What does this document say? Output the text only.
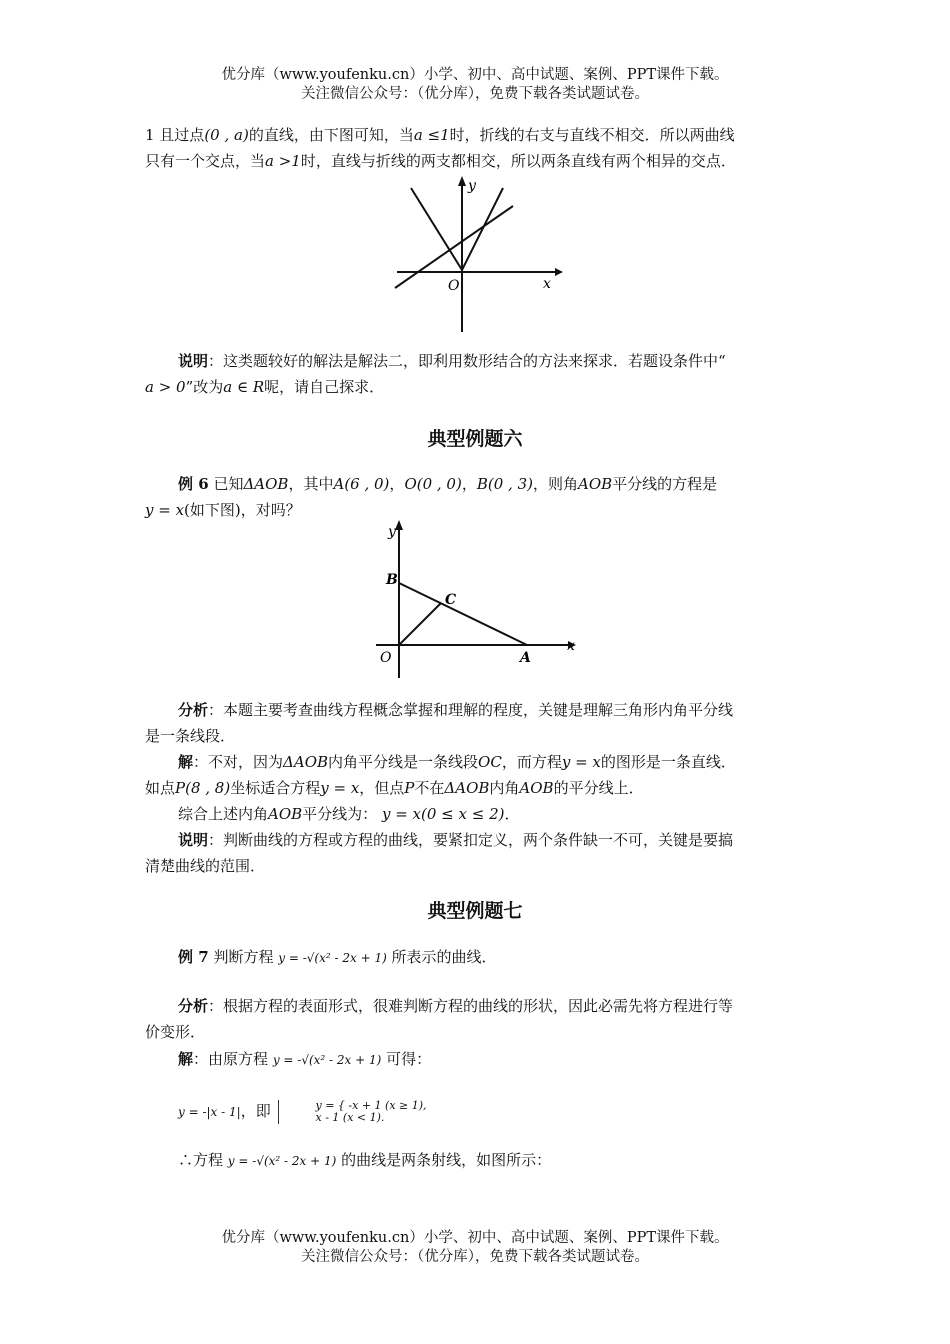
优分库（www.youfenku.cn）小学、初中、高中试题、案例、PPT课件下载。
关注微信公众号：（优分库），免费下载各类试题试卷。

1 且过点(0 , a)的直线，由下图可知，当a ≤1时，折线的右支与直线不相交．所以两曲线

只有一个交点，当a >1时，直线与折线的两支都相交，所以两条直线有两个相异的交点．

y
x
O

说明：这类题较好的解法是解法二，即利用数形结合的方法来探求．若题设条件中“

a > 0”改为a ∈ R呢，请自己探求．

典型例题六

例 6 已知ΔAOB，其中A(6 , 0)，O(0 , 0)，B(0 , 3)，则角AOB平分线的方程是

y = x(如下图)，对吗？

y
x
O	A
B
C

分析：本题主要考查曲线方程概念掌握和理解的程度，关键是理解三角形内角平分线

是一条线段．

解：不对，因为ΔAOB内角平分线是一条线段OC，而方程y = x的图形是一条直线．

如点P(8 , 8)坐标适合方程y = x，但点P不在ΔAOB内角AOB的平分线上．

综合上述内角AOB平分线为： y = x(0 ≤ x ≤ 2)．

说明：判断曲线的方程或方程的曲线，要紧扣定义，两个条件缺一不可，关键是要搞

清楚曲线的范围．

典型例题七

例 7 判断方程 y = -√(x² - 2x + 1) 所表示的曲线．

分析：根据方程的表面形式，很难判断方程的曲线的形状，因此必需先将方程进行等

价变形．

解：由原方程 y = -√(x² - 2x + 1) 可得：

y = -|x - 1|，即	y = { -x + 1 (x ≥ 1),
x - 1 (x < 1).

∴方程 y = -√(x² - 2x + 1) 的曲线是两条射线，如图所示：

优分库（www.youfenku.cn）小学、初中、高中试题、案例、PPT课件下载。
关注微信公众号：（优分库），免费下载各类试题试卷。
